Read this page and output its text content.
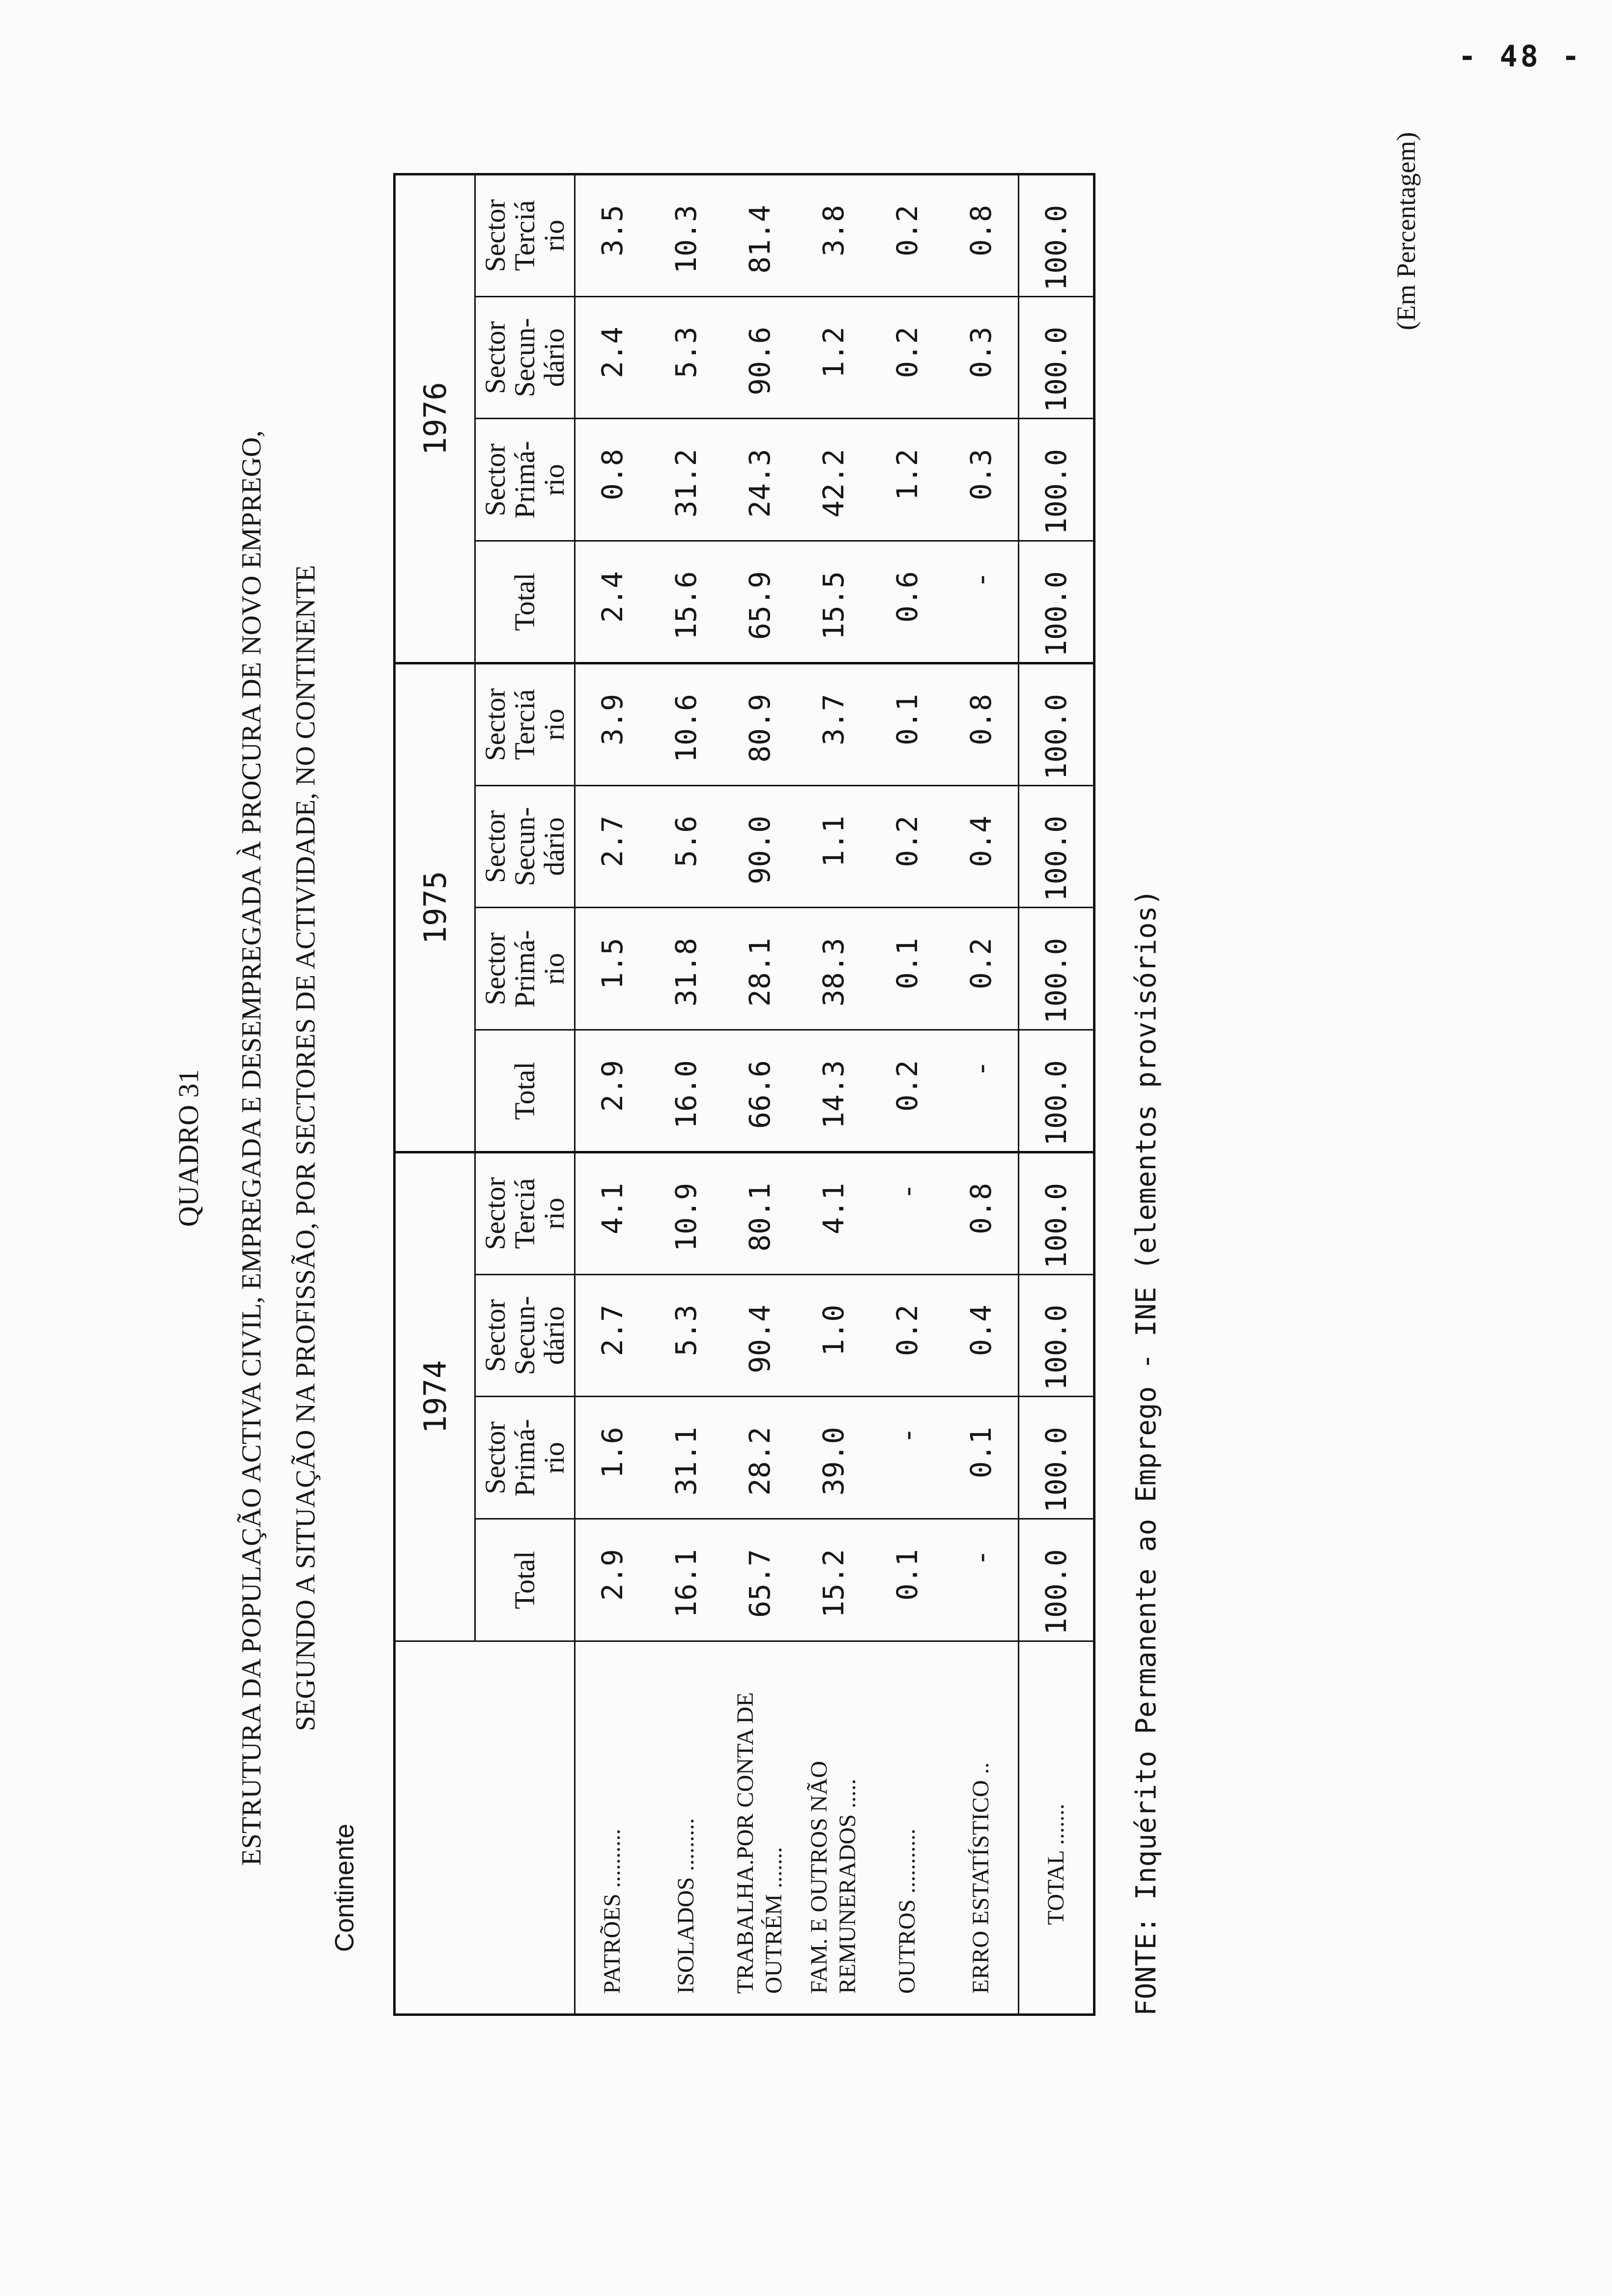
- 48 -
QUADRO 31	ESTRUTURA DA POPULAÇÃO ACTIVA CIVIL, EMPREGADA E DESEMPREGADA À PROCURA DE NOVO EMPREGO, SEGUNDO A SITUAÇÃO NA PROFISSÃO, POR SECTORES DE ACTIVIDADE, NO CONTINENTE
Continente
(Em Percentagem)
	1974				1975				1976			

	Total	Sector
Primá-
rio	Sector
Secun-
dário	Sector
Terciá
rio	Total	Sector
Primá-
rio	Sector
Secun-
dário	Sector
Terciá
rio	Total	Sector
Primá-
rio	Sector
Secun-
dário	Sector
Terciá
rio

PATRÕES ..........	2.9	1.6	2.7	4.1	2.9	1.5	2.7	3.9	2.4	0.8	2.4	3.5
ISOLADOS .........	16.1	31.1	5.3	10.9	16.0	31.8	5.6	10.6	15.6	31.2	5.3	10.3
TRABALHA.POR CONTA DE OUTRÉM .......	65.7	28.2	90.4	80.1	66.6	28.1	90.0	80.9	65.9	24.3	90.6	81.4
FAM. E OUTROS NÃO REMUNERADOS .....	15.2	39.0	1.0	4.1	14.3	38.3	1.1	3.7	15.5	42.2	1.2	3.8
OUTROS ...........	0.1	-	0.2	-	0.2	0.1	0.2	0.1	0.6	1.2	0.2	0.2
ERRO ESTATÍSTICO ..	-	0.1	0.4	0.8	-	0.2	0.4	0.8	-	0.3	0.3	0.8
TOTAL .......	100.0	100.0	100.0	100.0	100.0	100.0	100.0	100.0	100.0	100.0	100.0	100.0
FONTE: Inquérito Permanente ao Emprego - INE (elementos provisórios)
